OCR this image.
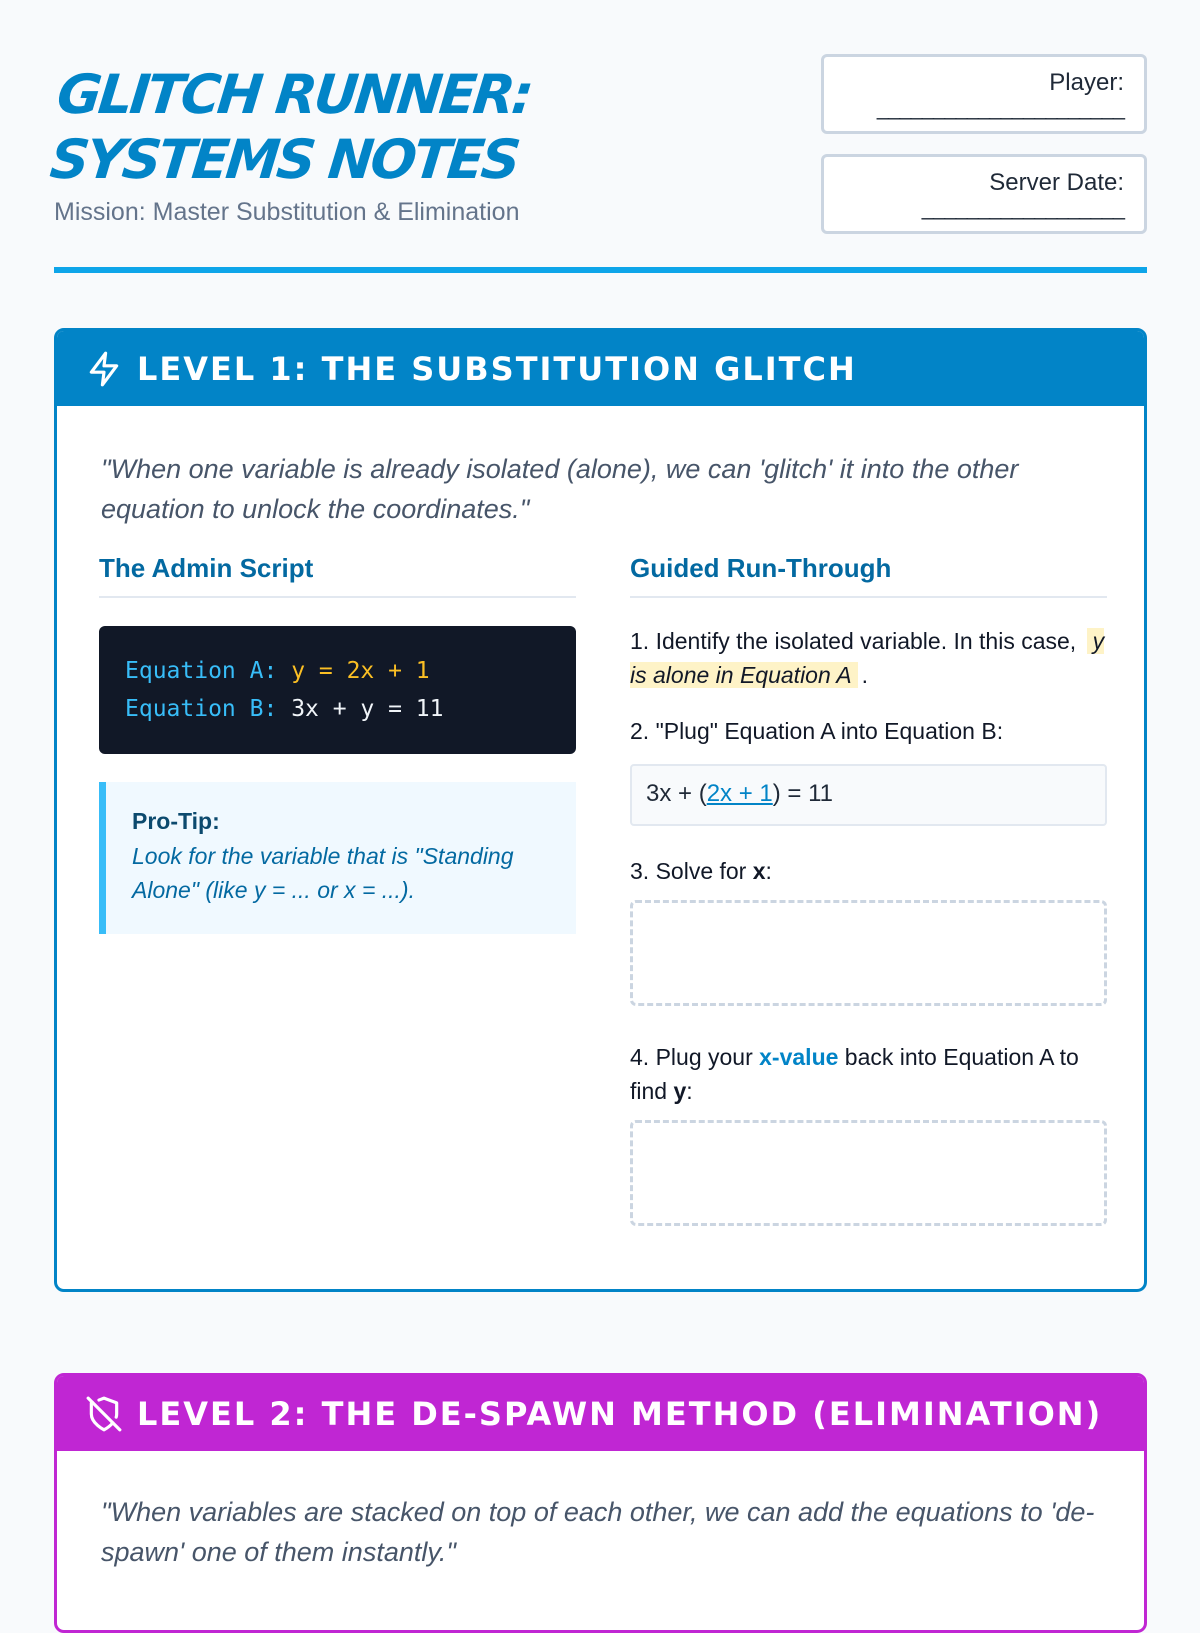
GLITCH RUNNER:
SYSTEMS NOTES
Mission: Master Substitution & Elimination
Player:
______________________
Server Date:
__________________
LEVEL 1: THE SUBSTITUTION GLITCH
"When one variable is already isolated (alone), we can 'glitch' it into the other equation to unlock the coordinates."
The Admin Script
Equation A: y = 2x + 1
Equation B: 3x + y = 11
Pro-Tip:
Look for the variable that is "Standing Alone" (like y = ... or x = ...).
Guided Run-Through
1. Identify the isolated variable. In this case, y is alone in Equation A .
2. "Plug" Equation A into Equation B:
3x + (2x + 1) = 11
3. Solve for x:
4. Plug your x-value back into Equation A to find y:
LEVEL 2: THE DE-SPAWN METHOD (ELIMINATION)
"When variables are stacked on top of each other, we can add the equations to 'de-spawn' one of them instantly."
